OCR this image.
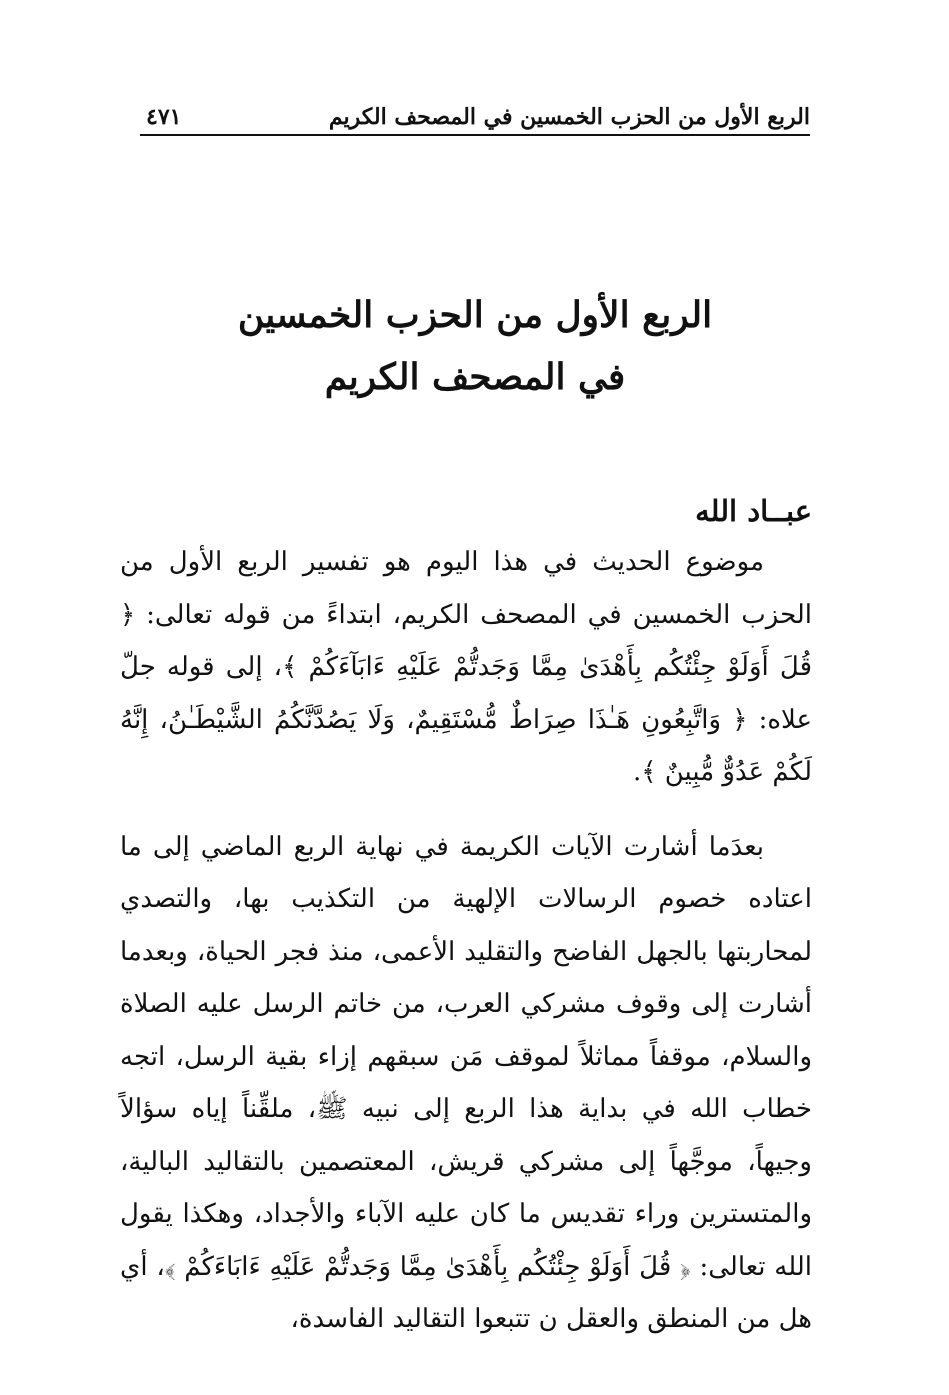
الربع الأول من الحزب الخمسين في المصحف الكريم
٤٧١
الربع الأول من الحزب الخمسين
في المصحف الكريم

عبــاد الله

موضوع الحديث في هذا اليوم هو تفسير الربع الأول من الحزب الخمسين في المصحف الكريم، ابتداءً من قوله تعالى: ﴿ قُلَ أَوَلَوْ جِئْتُكُم بِأَهْدَىٰ مِمَّا وَجَدتُّمْ عَلَيْهِ ءَابَآءَكُمْ ﴾، إلى قوله جلّ علاه: ﴿ وَاتَّبِعُونِ هَـٰذَا صِرَاطٌ مُّسْتَقِيمٌ، وَلَا يَصُدَّنَّكُمُ الشَّيْطَـٰنُ، إِنَّهُ لَكُمْ عَدُوٌّ مُّبِينٌ ﴾.

بعدَما أشارت الآيات الكريمة في نهاية الربع الماضي إلى ما اعتاده خصوم الرسالات الإلهية من التكذيب بها، والتصدي لمحاربتها بالجهل الفاضح والتقليد الأعمى، منذ فجر الحياة، وبعدما أشارت إلى وقوف مشركي العرب، من خاتم الرسل عليه الصلاة والسلام، موقفاً مماثلاً لموقف مَن سبقهم إزاء بقية الرسل، اتجه خطاب الله في بداية هذا الربع إلى نبيه ﷺ، ملقِّناً إياه سؤالاً وجيهاً، موجَّهاً إلى مشركي قريش، المعتصمين بالتقاليد البالية، والمتسترين وراء تقديس ما كان عليه الآباء والأجداد، وهكذا يقول الله تعالى: ﴿ قُلَ أَوَلَوْ جِئْتُكُم بِأَهْدَىٰ مِمَّا وَجَدتُّمْ عَلَيْهِ ءَابَاءَكُمْ ﴾، أي هل من المنطق والعقل ن تتبعوا التقاليد الفاسدة،
